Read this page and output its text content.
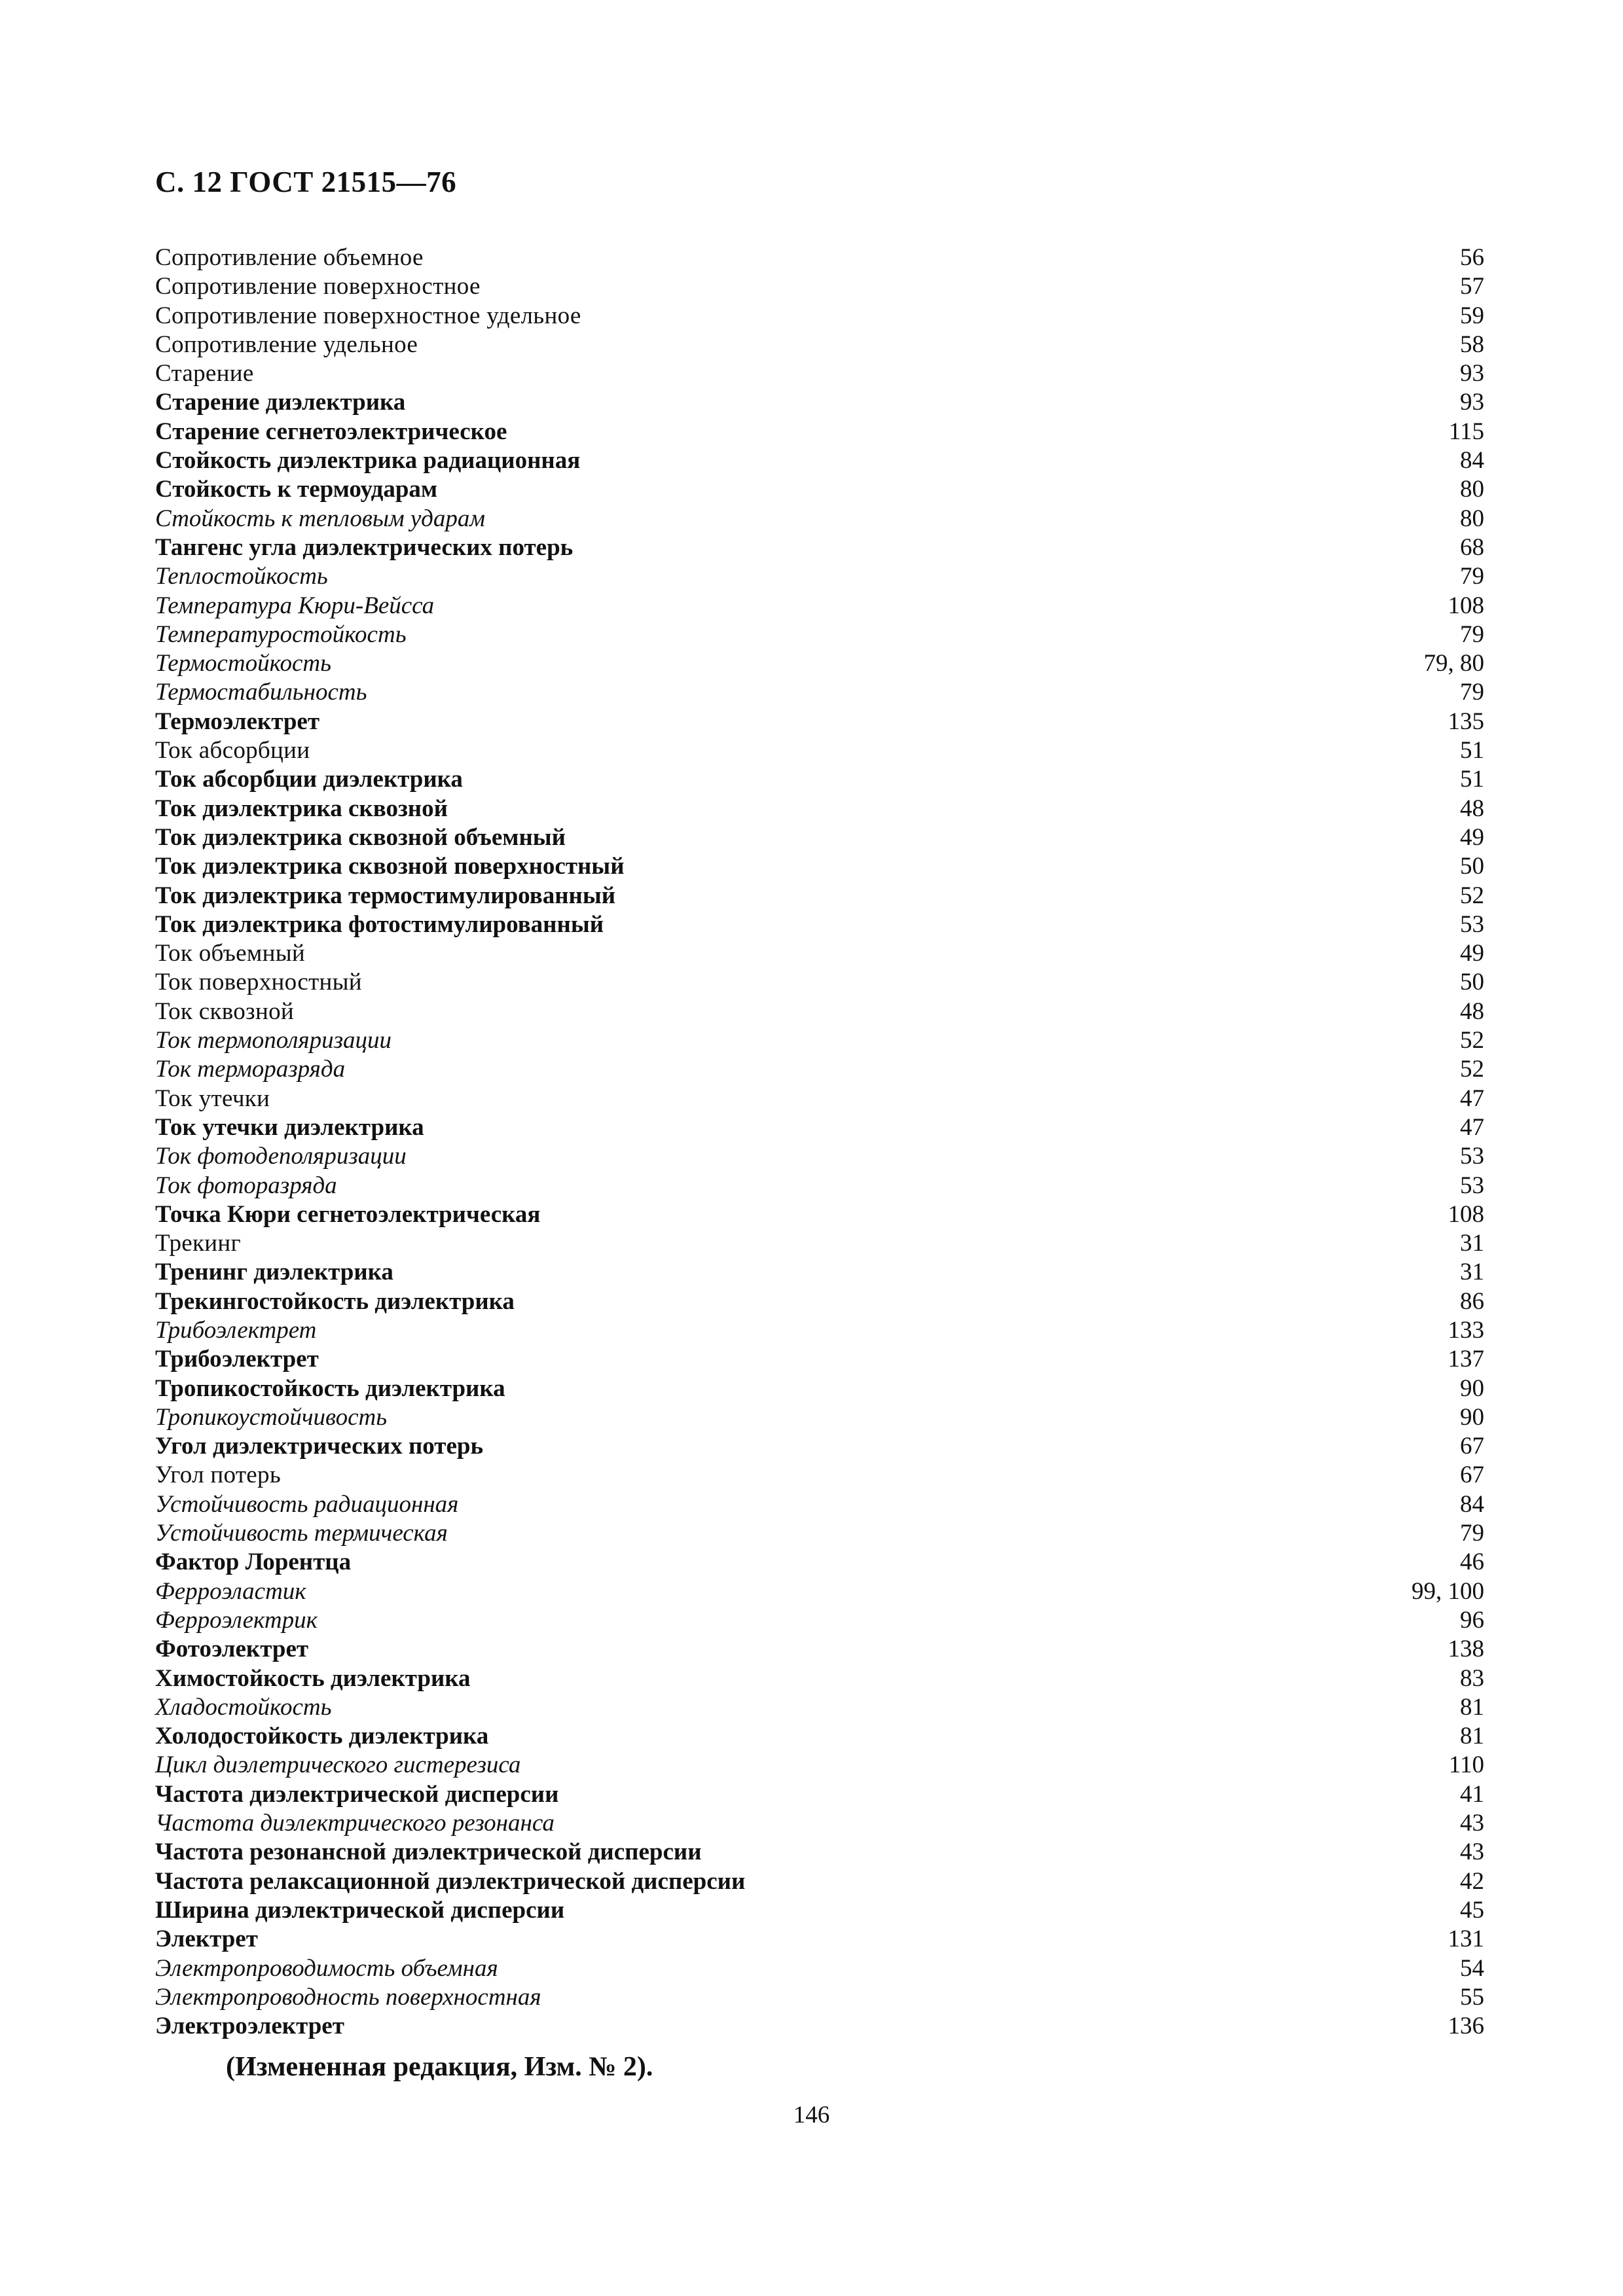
С. 12 ГОСТ 21515—76
Сопротивление объемное	56
Сопротивление поверхностное	57
Сопротивление поверхностное удельное	59
Сопротивление удельное	58
Старение	93
Старение диэлектрика	93
Старение сегнетоэлектрическое	115
Стойкость диэлектрика радиационная	84
Стойкость к термоударам	80
Стойкость к тепловым ударам	80
Тангенс угла диэлектрических потерь	68
Теплостойкость	79
Температура Кюри-Вейсса	108
Температуростойкость	79
Термостойкость	79, 80
Термостабильность	79
Термоэлектрет	135
Ток абсорбции	51
Ток абсорбции диэлектрика	51
Ток диэлектрика сквозной	48
Ток диэлектрика сквозной объемный	49
Ток диэлектрика сквозной поверхностный	50
Ток диэлектрика термостимулированный	52
Ток диэлектрика фотостимулированный	53
Ток объемный	49
Ток поверхностный	50
Ток сквозной	48
Ток термополяризации	52
Ток терморазряда	52
Ток утечки	47
Ток утечки диэлектрика	47
Ток фотодеполяризации	53
Ток фоторазряда	53
Точка Кюри сегнетоэлектрическая	108
Трекинг	31
Тренинг диэлектрика	31
Трекингостойкость диэлектрика	86
Трибоэлектрет	133
Трибоэлектрет	137
Тропикостойкость диэлектрика	90
Тропикоустойчивость	90
Угол диэлектрических потерь	67
Угол потерь	67
Устойчивость радиационная	84
Устойчивость термическая	79
Фактор Лорентца	46
Ферроэластик	99, 100
Ферроэлектрик	96
Фотоэлектрет	138
Химостойкость диэлектрика	83
Хладостойкость	81
Холодостойкость диэлектрика	81
Цикл диэлетрического гистерезиса	110
Частота диэлектрической дисперсии	41
Частота диэлектрического резонанса	43
Частота резонансной диэлектрической дисперсии	43
Частота релаксационной диэлектрической дисперсии	42
Ширина диэлектрической дисперсии	45
Электрет	131
Электропроводимость объемная	54
Электропроводность поверхностная	55
Электроэлектрет	136
(Измененная редакция, Изм. № 2).
146
